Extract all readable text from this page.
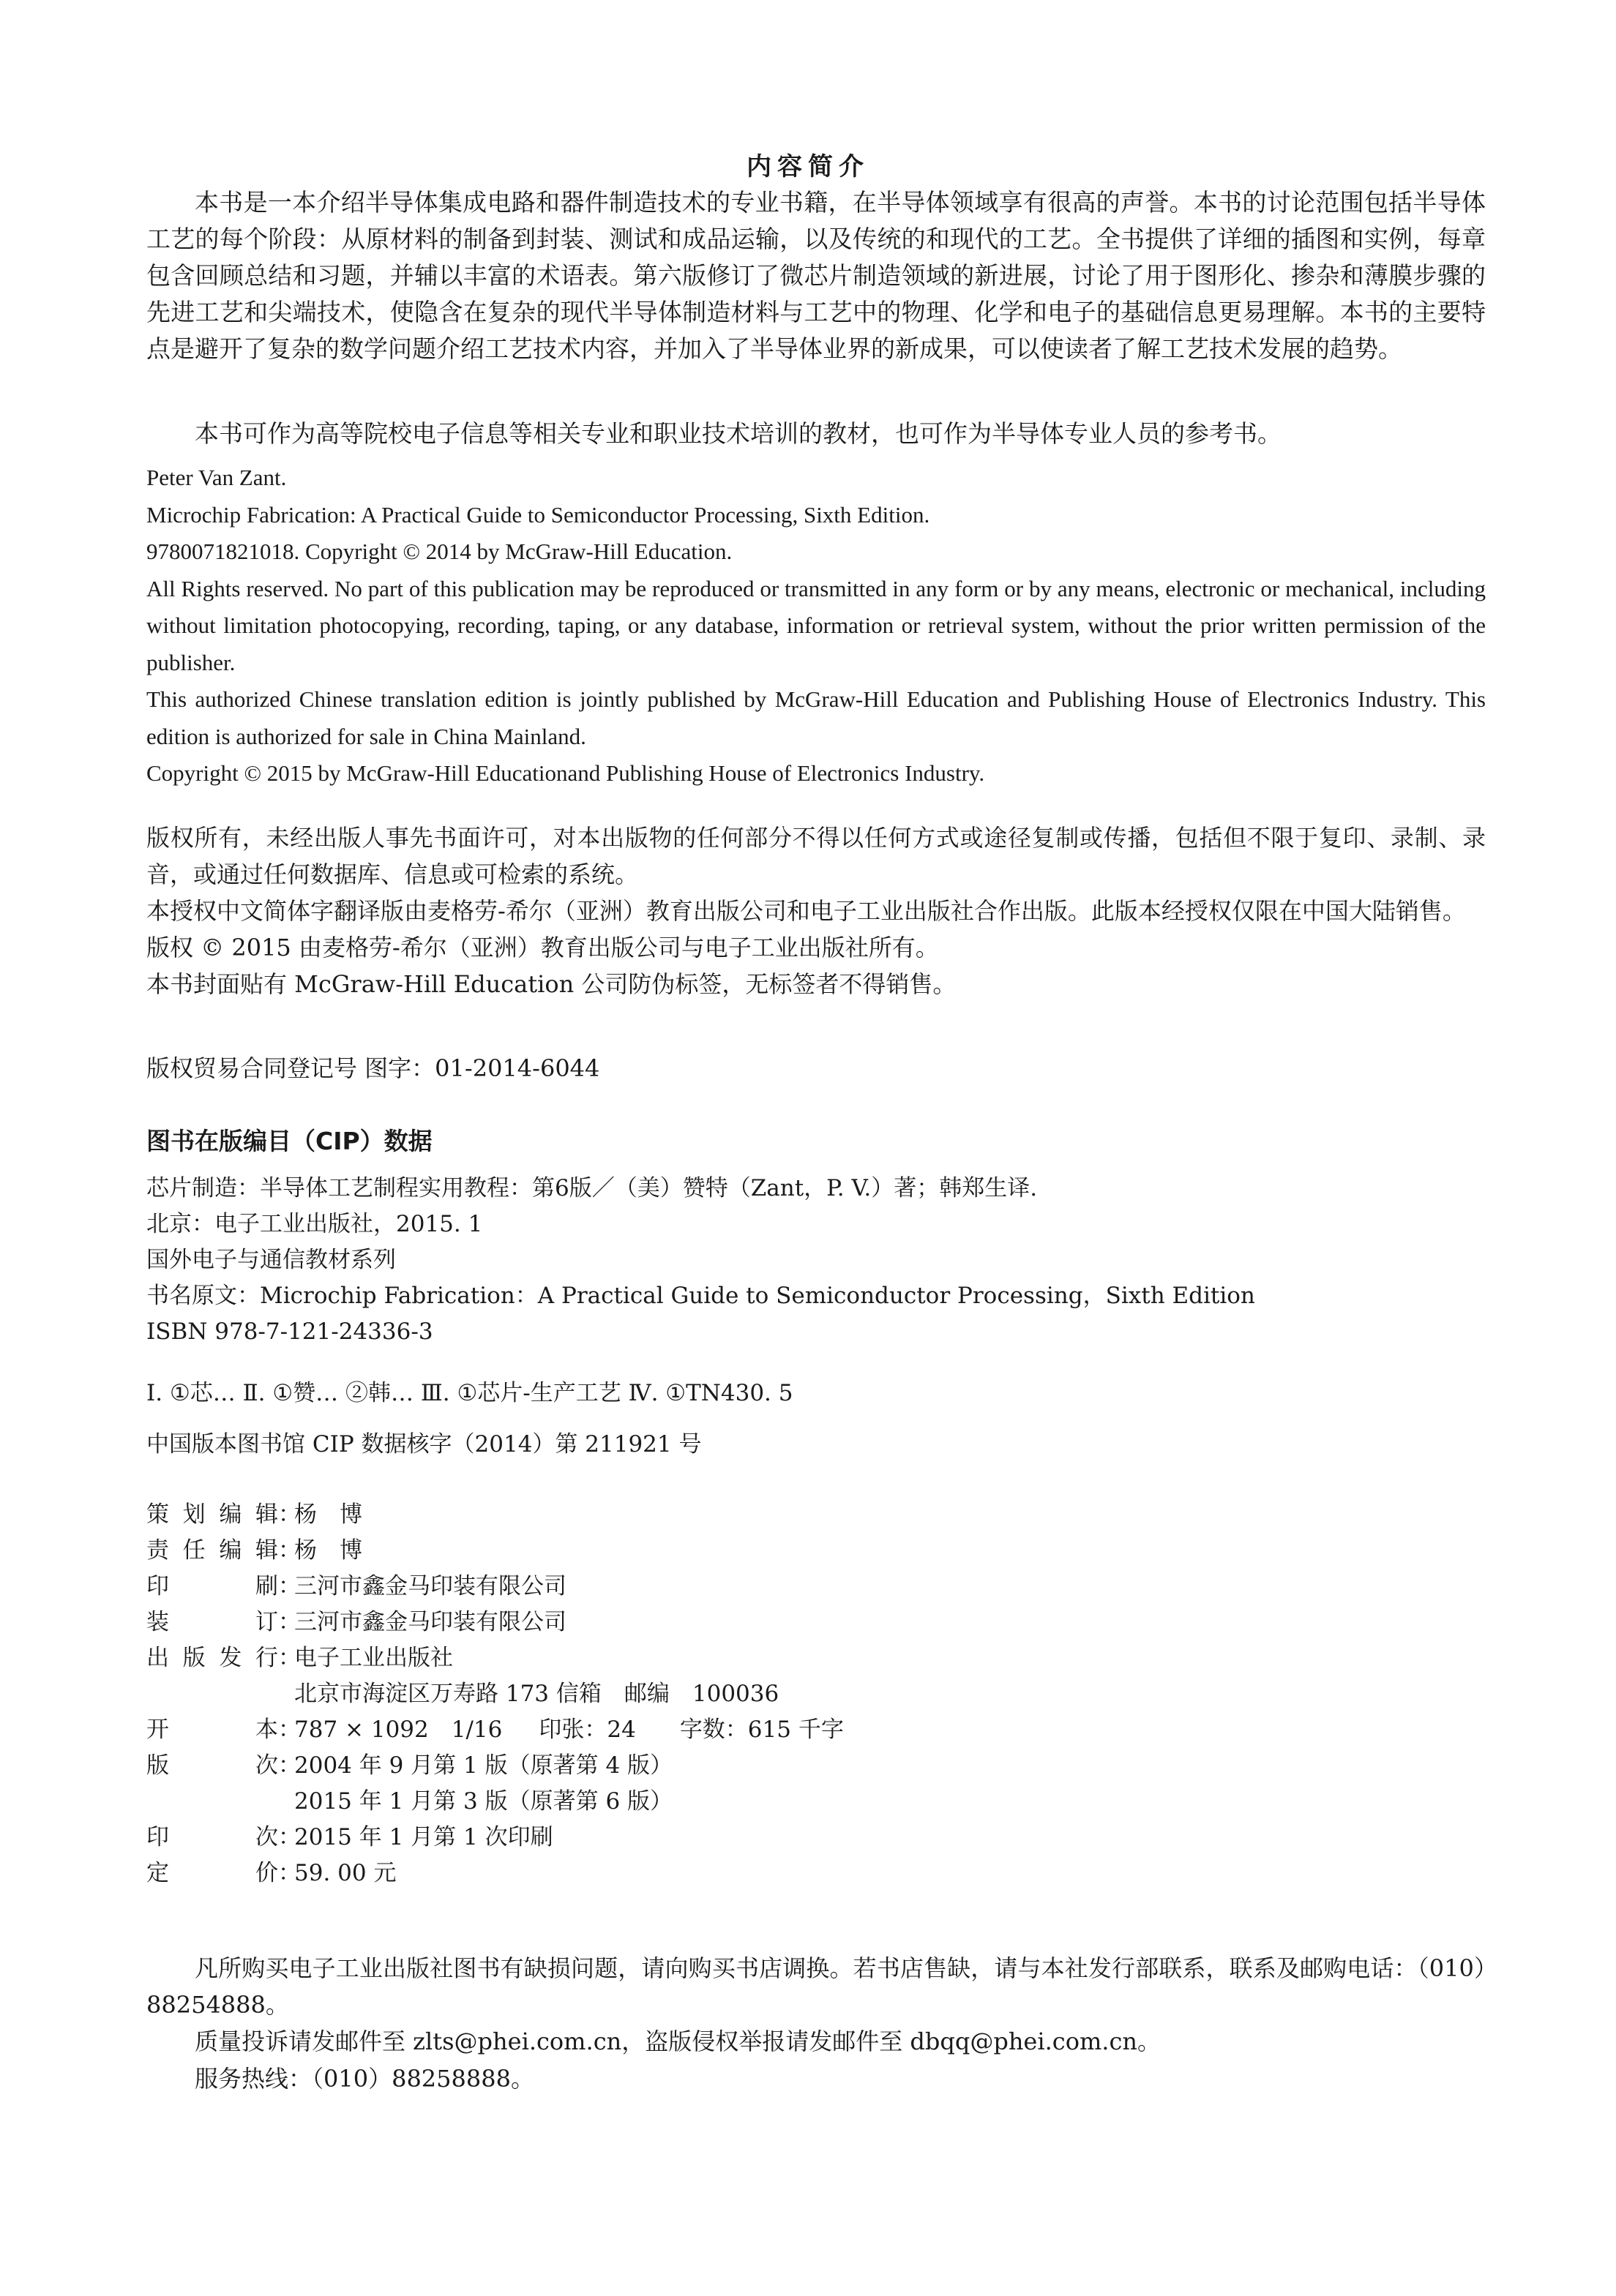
内容简介

本书是一本介绍半导体集成电路和器件制造技术的专业书籍，在半导体领域享有很高的声誉。本书的讨论范围包括半导体工艺的每个阶段：从原材料的制备到封装、测试和成品运输，以及传统的和现代的工艺。全书提供了详细的插图和实例，每章包含回顾总结和习题，并辅以丰富的术语表。第六版修订了微芯片制造领域的新进展，讨论了用于图形化、掺杂和薄膜步骤的先进工艺和尖端技术，使隐含在复杂的现代半导体制造材料与工艺中的物理、化学和电子的基础信息更易理解。本书的主要特点是避开了复杂的数学问题介绍工艺技术内容，并加入了半导体业界的新成果，可以使读者了解工艺技术发展的趋势。

本书可作为高等院校电子信息等相关专业和职业技术培训的教材，也可作为半导体专业人员的参考书。

Peter Van Zant.
Microchip Fabrication: A Practical Guide to Semiconductor Processing, Sixth Edition.
9780071821018. Copyright © 2014 by McGraw-Hill Education.
All Rights reserved. No part of this publication may be reproduced or transmitted in any form or by any means, electronic or mechanical, including without limitation photocopying, recording, taping, or any database, information or retrieval system, without the prior written permission of the publisher.
This authorized Chinese translation edition is jointly published by McGraw-Hill Education and Publishing House of Electronics Industry. This edition is authorized for sale in China Mainland.
Copyright © 2015 by McGraw-Hill Educationand Publishing House of Electronics Industry.
版权所有，未经出版人事先书面许可，对本出版物的任何部分不得以任何方式或途径复制或传播，包括但不限于复印、录制、录音，或通过任何数据库、信息或可检索的系统。
本授权中文简体字翻译版由麦格劳-希尔（亚洲）教育出版公司和电子工业出版社合作出版。此版本经授权仅限在中国大陆销售。
版权 © 2015 由麦格劳-希尔（亚洲）教育出版公司与电子工业出版社所有。
本书封面贴有 McGraw-Hill Education 公司防伪标签，无标签者不得销售。
版权贸易合同登记号 图字：01-2014-6044
图书在版编目（CIP）数据
芯片制造：半导体工艺制程实用教程：第6版／（美）赞特（Zant，P. V.）著；韩郑生译.
北京：电子工业出版社，2015. 1
国外电子与通信教材系列
书名原文：Microchip Fabrication：A Practical Guide to Semiconductor Processing，Sixth Edition
ISBN 978-7-121-24336-3
Ⅰ. ①芯… Ⅱ. ①赞… ②韩… Ⅲ. ①芯片-生产工艺 Ⅳ. ①TN430. 5
中国版本图书馆 CIP 数据核字（2014）第 211921 号
策划编辑：杨　博
责任编辑：杨　博
印　　刷：三河市鑫金马印装有限公司
装　　订：三河市鑫金马印装有限公司
出版发行：电子工业出版社
北京市海淀区万寿路 173 信箱　邮编　100036
开　　本：787 × 1092　1/16 印张：24 字数：615 千字
版　　次：2004 年 9 月第 1 版（原著第 4 版）
2015 年 1 月第 3 版（原著第 6 版）
印　　次：2015 年 1 月第 1 次印刷
定　　价：59. 00 元

凡所购买电子工业出版社图书有缺损问题，请向购买书店调换。若书店售缺，请与本社发行部联系，联系及邮购电话：（010）88254888。

质量投诉请发邮件至 zlts@phei.com.cn，盗版侵权举报请发邮件至 dbqq@phei.com.cn。

服务热线：（010）88258888。
